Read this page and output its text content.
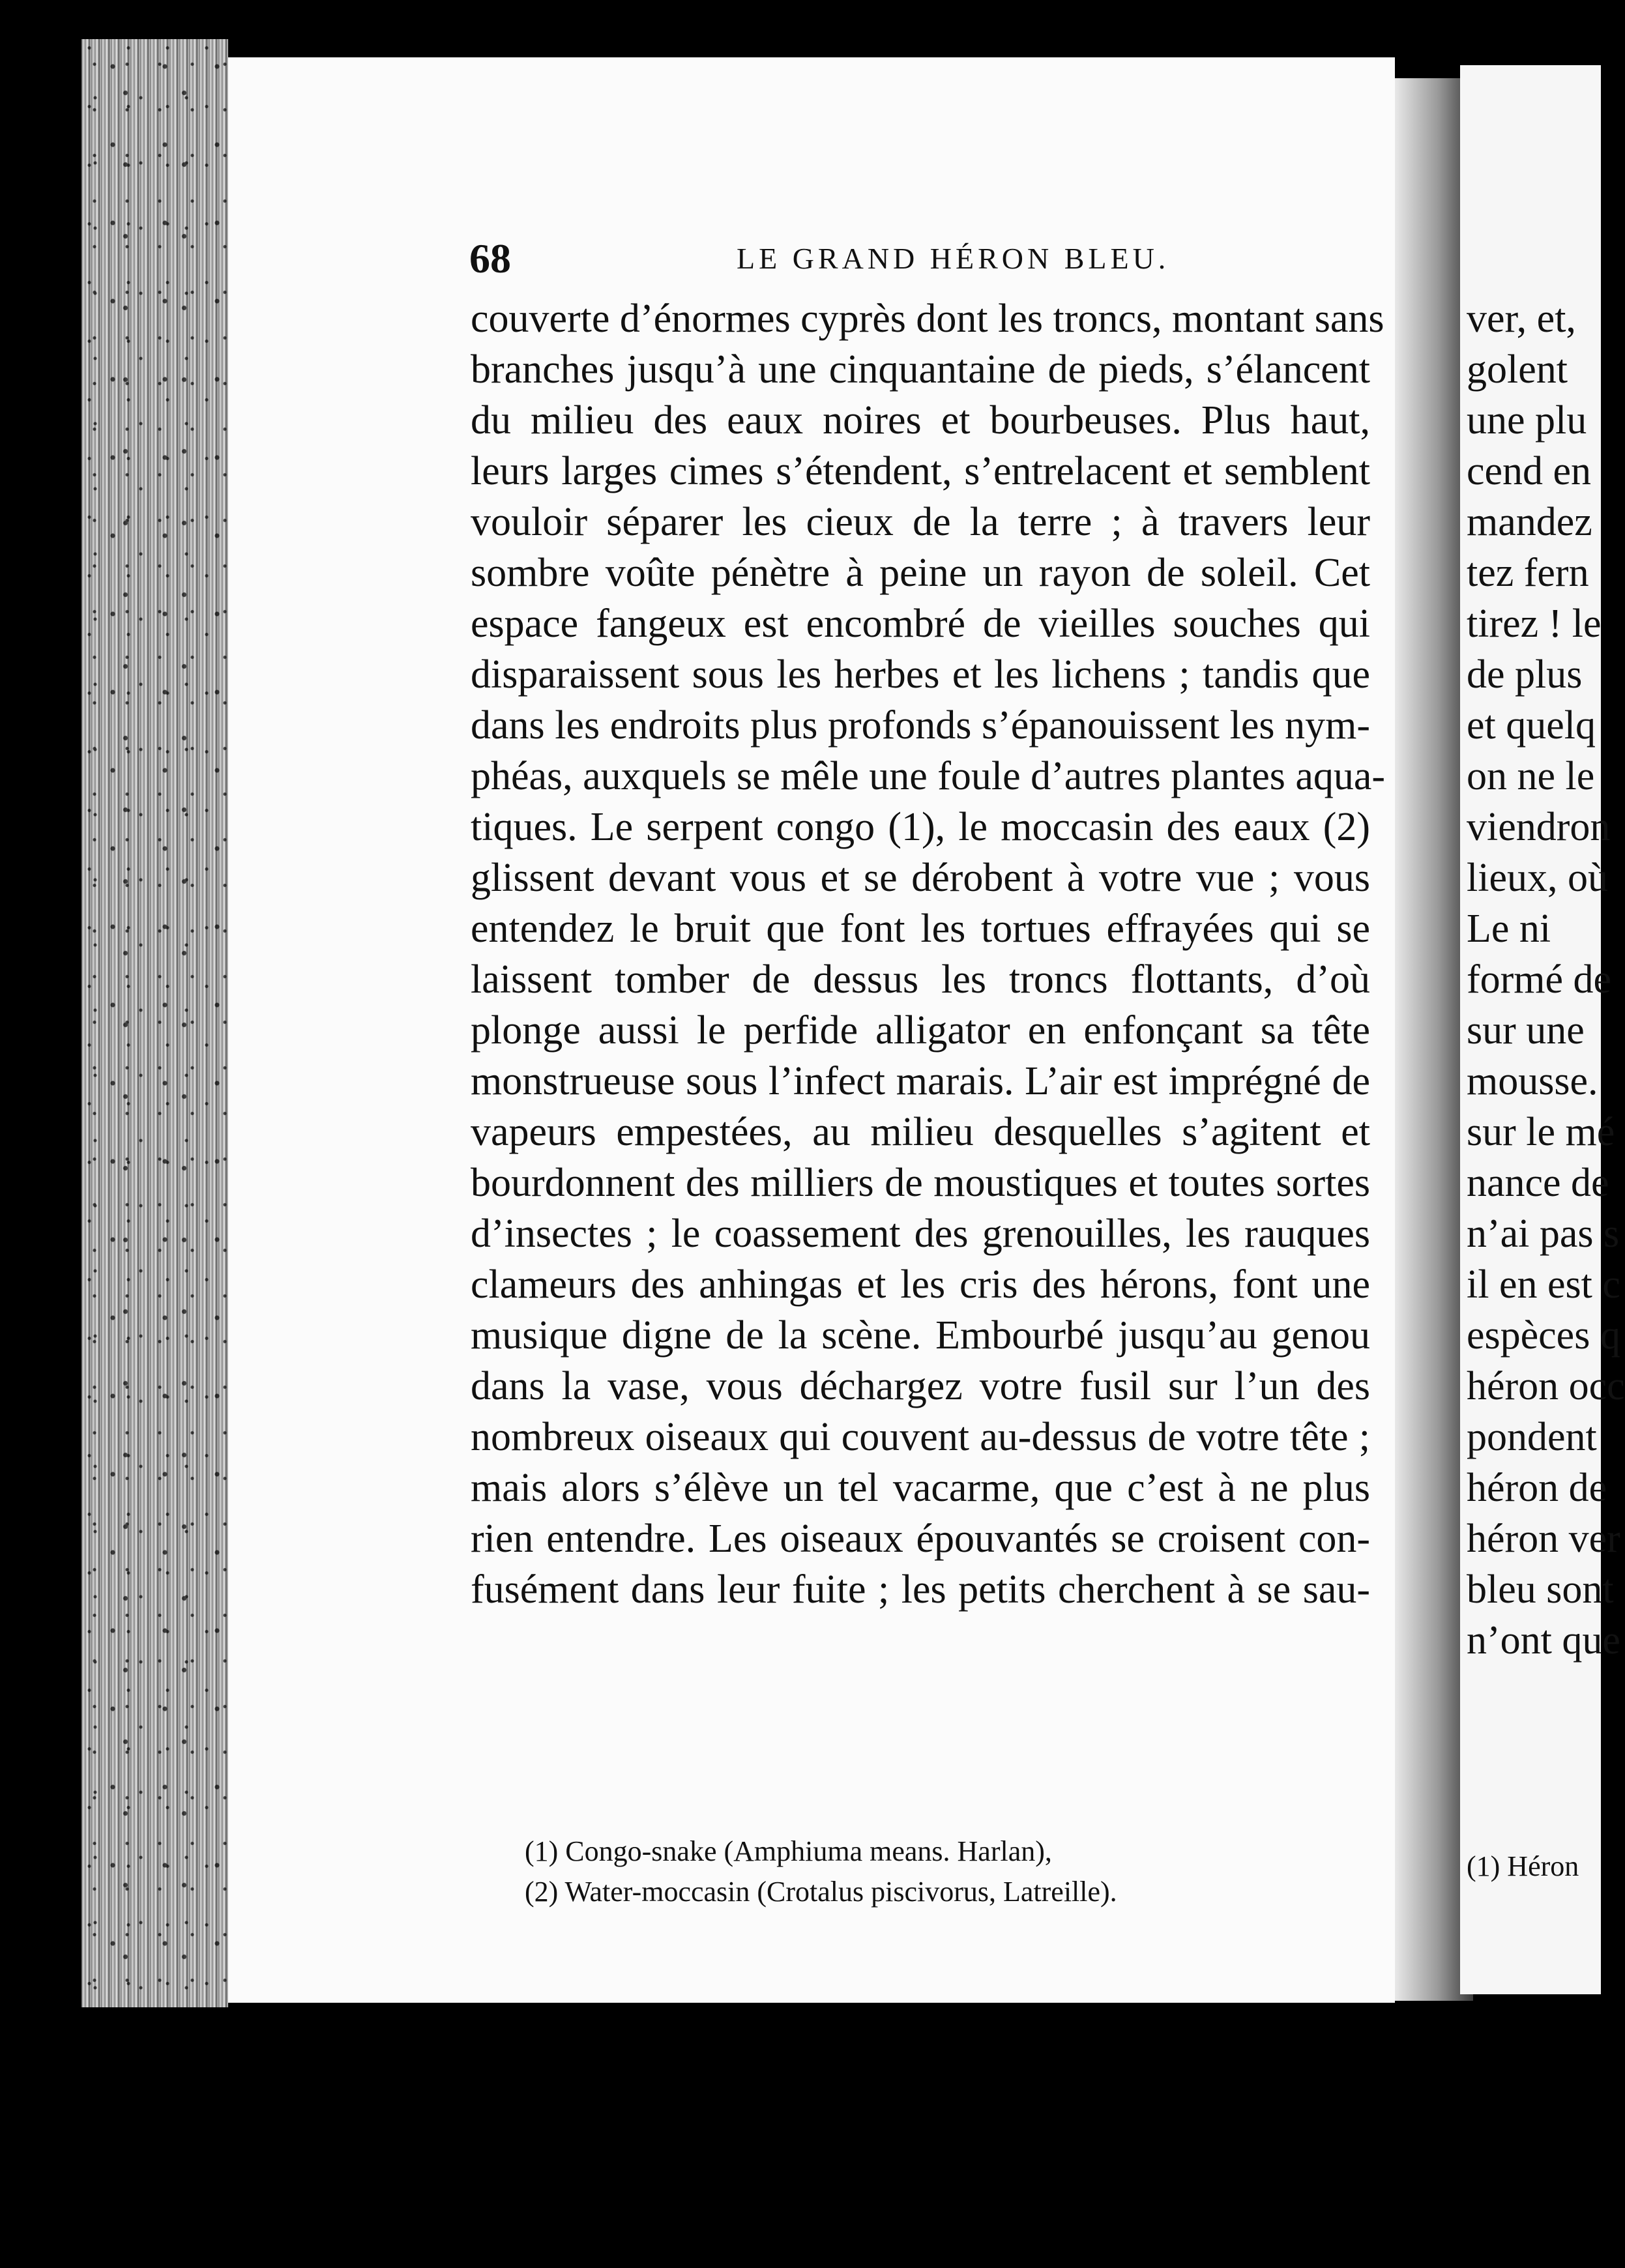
68	LE GRAND HÉRON BLEU.
couverte d’énormes cyprès dont les troncs, montant sans
branches jusqu’à une cinquantaine de pieds, s’élancent
du milieu des eaux noires et bourbeuses. Plus haut,
leurs larges cimes s’étendent, s’entrelacent et semblent
vouloir séparer les cieux de la terre ; à travers leur
sombre voûte pénètre à peine un rayon de soleil. Cet
espace fangeux est encombré de vieilles souches qui
disparaissent sous les herbes et les lichens ; tandis que
dans les endroits plus profonds s’épanouissent les nym-
phéas, auxquels se mêle une foule d’autres plantes aqua-
tiques. Le serpent congo (1), le moccasin des eaux (2)
glissent devant vous et se dérobent à votre vue ; vous
entendez le bruit que font les tortues effrayées qui se
laissent tomber de dessus les troncs flottants, d’où
plonge aussi le perfide alligator en enfonçant sa tête
monstrueuse sous l’infect marais. L’air est imprégné de
vapeurs empestées, au milieu desquelles s’agitent et
bourdonnent des milliers de moustiques et toutes sortes
d’insectes ; le coassement des grenouilles, les rauques
clameurs des anhingas et les cris des hérons, font une
musique digne de la scène. Embourbé jusqu’au genou
dans la vase, vous déchargez votre fusil sur l’un des
nombreux oiseaux qui couvent au-dessus de votre tête ;
mais alors s’élève un tel vacarme, que c’est à ne plus
rien entendre. Les oiseaux épouvantés se croisent con-
fusément dans leur fuite ; les petits cherchent à se sau-
(1) Congo-snake (Amphiuma means. Harlan),
(2) Water-moccasin (Crotalus piscivorus, Latreille).
ver, et,
golent
une plu
cend en
mandez
tez fern
tirez ! le
de plus
et quelq
on ne le
viendron
lieux, où
Le ni
formé de
sur une
mousse.
sur le mé
nance de
n’ai pas s
il en est c
espèces q
héron occ
pondent
héron de
héron ver
bleu sont
n’ont que
(1) Héron
